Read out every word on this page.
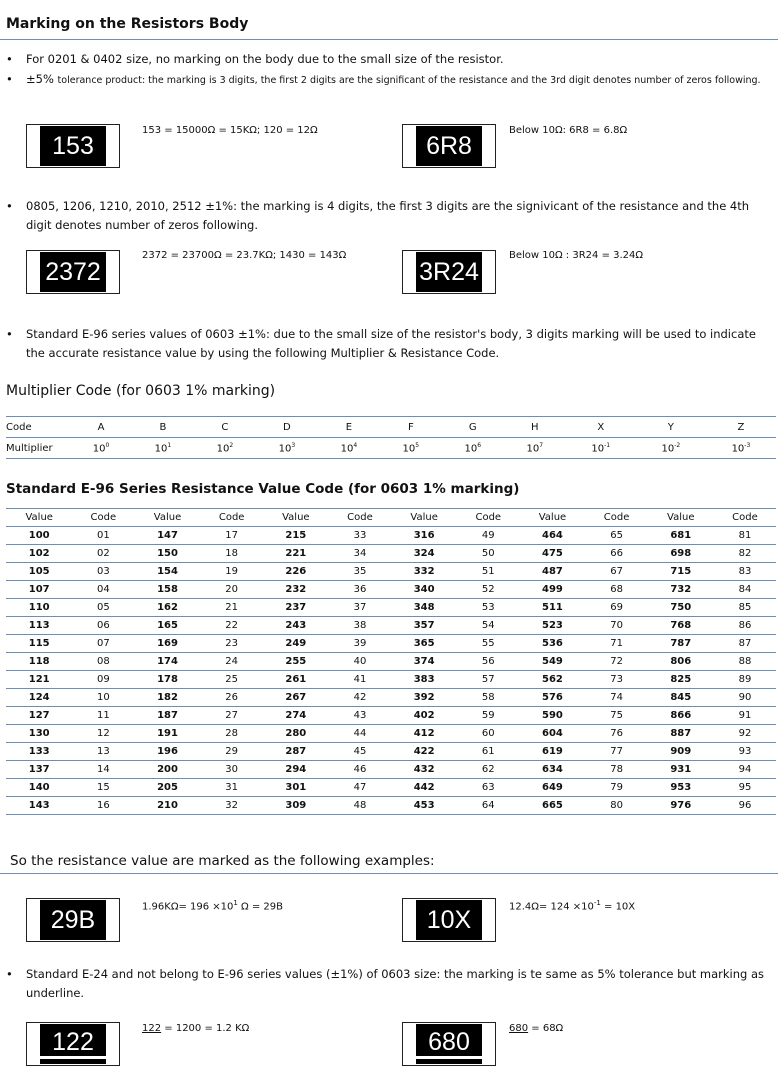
Marking on the Resistors Body
•	For 0201 & 0402 size, no marking on the body due to the small size of the resistor.
•	±5% tolerance product: the marking is 3 digits, the first 2 digits are the significant of the resistance and the 3rd digit denotes number of zeros following.
153
153 = 15000Ω = 15KΩ; 120 = 12Ω
6R8
Below 10Ω: 6R8 = 6.8Ω
•	0805, 1206, 1210, 2010, 2512 ±1%: the marking is 4 digits, the first 3 digits are the signivicant of the resistance and the 4th digit denotes number of zeros following.
2372
2372 = 23700Ω = 23.7KΩ; 1430 = 143Ω
3R24
Below 10Ω : 3R24 = 3.24Ω
•	Standard E-96 series values of 0603 ±1%: due to the small size of the resistor's body, 3 digits marking will be used to indicate the accurate resistance value by using the following Multiplier & Resistance Code.
Multiplier Code (for 0603 1% marking)
Code	A	B	C	D	E	F	G	H	X	Y	Z
Multiplier	$10^0$	$10^1$	$10^2$	$10^3$	$10^4$	$10^5$	$10^6$	$10^7$	$10^{-1}$	$10^{-2}$	$10^{-3}$
Standard E-96 Series Resistance Value Code (for 0603 1% marking)
Value	Code	Value	Code	Value	Code	Value	Code	Value	Code	Value	Code
100	01	147	17	215	33	316	49	464	65	681	81
102	02	150	18	221	34	324	50	475	66	698	82
105	03	154	19	226	35	332	51	487	67	715	83
107	04	158	20	232	36	340	52	499	68	732	84
110	05	162	21	237	37	348	53	511	69	750	85
113	06	165	22	243	38	357	54	523	70	768	86
115	07	169	23	249	39	365	55	536	71	787	87
118	08	174	24	255	40	374	56	549	72	806	88
121	09	178	25	261	41	383	57	562	73	825	89
124	10	182	26	267	42	392	58	576	74	845	90
127	11	187	27	274	43	402	59	590	75	866	91
130	12	191	28	280	44	412	60	604	76	887	92
133	13	196	29	287	45	422	61	619	77	909	93
137	14	200	30	294	46	432	62	634	78	931	94
140	15	205	31	301	47	442	63	649	79	953	95
143	16	210	32	309	48	453	64	665	80	976	96
So the resistance value are marked as the following examples:
29B	$1.96K\Omega= 196 \times 10^1$ Ω = 29B	10X	$12.4\Omega= 124 \times 10^{-1} = 10X$
•	Standard E-24 and not belong to E-96 series values (±1%) of 0603 size: the marking is te same as 5% tolerance but marking as underline.
122	122 = 1200 = 1.2 KΩ	680	680 = 68Ω
